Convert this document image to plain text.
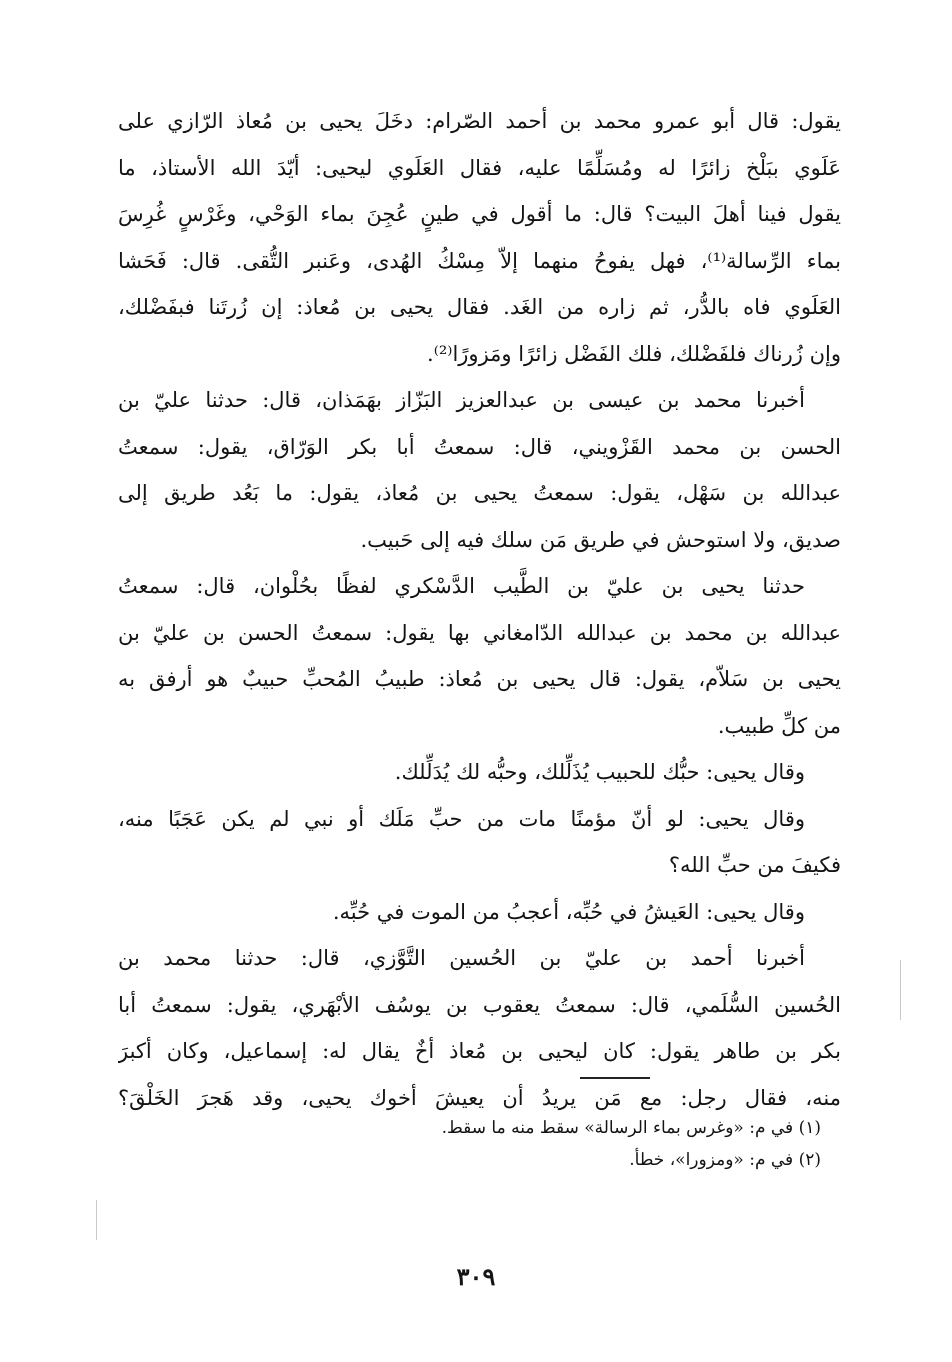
يقول: قال أبو عمرو محمد بن أحمد الصّرام: دخَلَ يحيى بن مُعاذ الرّازي على
عَلَوي ببَلْخ زائرًا له ومُسَلِّمًا عليه، فقال العَلَوي ليحيى: أيّدَ الله الأستاذ، ما
يقول فينا أهلَ البيت؟ قال: ما أقول في طينٍ عُجِنَ بماء الوَحْي، وغَرْسٍ غُرِسَ
بماء الرِّسالة⁽¹⁾، فهل يفوحُ منهما إلاّ مِسْكُ الهُدى، وعَنبر التُّقى. قال: فَحَشا
العَلَوي فاه بالدُّر، ثم زاره من الغَد. فقال يحيى بن مُعاذ: إن زُرتَنا فبفَضْلك،
وإن زُرناك فلفَضْلك، فلك الفَضْل زائرًا ومَزورًا⁽²⁾.
أخبرنا محمد بن عيسى بن عبدالعزيز البَزّاز بهَمَذان، قال: حدثنا عليّ بن
الحسن بن محمد القَزْويني، قال: سمعتُ أبا بكر الوَرّاق، يقول: سمعتُ
عبدالله بن سَهْل، يقول: سمعتُ يحيى بن مُعاذ، يقول: ما بَعُد طريق إلى
صديق، ولا استوحش في طريق مَن سلك فيه إلى حَبيب.
حدثنا يحيى بن عليّ بن الطَّيب الدَّسْكري لفظًا بحُلْوان، قال: سمعتُ
عبدالله بن محمد بن عبدالله الدّامغاني بها يقول: سمعتُ الحسن بن عليّ بن
يحيى بن سَلاّم، يقول: قال يحيى بن مُعاذ: طبيبُ المُحبِّ حبيبٌ هو أرفق به
من كلِّ طبيب.
وقال يحيى: حبُّك للحبيب يُذَلِّلك، وحبُّه لك يُدَلِّلك.
وقال يحيى: لو أنّ مؤمنًا مات من حبِّ مَلَك أو نبي لم يكن عَجَبًا منه،
فكيفَ من حبِّ الله؟
وقال يحيى: العَيشُ في حُبِّه، أعجبُ من الموت في حُبِّه.
أخبرنا أحمد بن عليّ بن الحُسين التَّوَّزي، قال: حدثنا محمد بن
الحُسين السُّلَمي، قال: سمعتُ يعقوب بن يوسُف الأبْهَري، يقول: سمعتُ أبا
بكر بن طاهر يقول: كان ليحيى بن مُعاذ أخٌ يقال له: إسماعيل، وكان أكبرَ
منه، فقال رجل: مع مَن يريدُ أن يعيشَ أخوك يحيى، وقد هَجرَ الخَلْقَ؟
(١) في م: «وغرس بماء الرسالة» سقط منه ما سقط.
(٢) في م: «ومزورا»، خطأ.
٣٠٩
